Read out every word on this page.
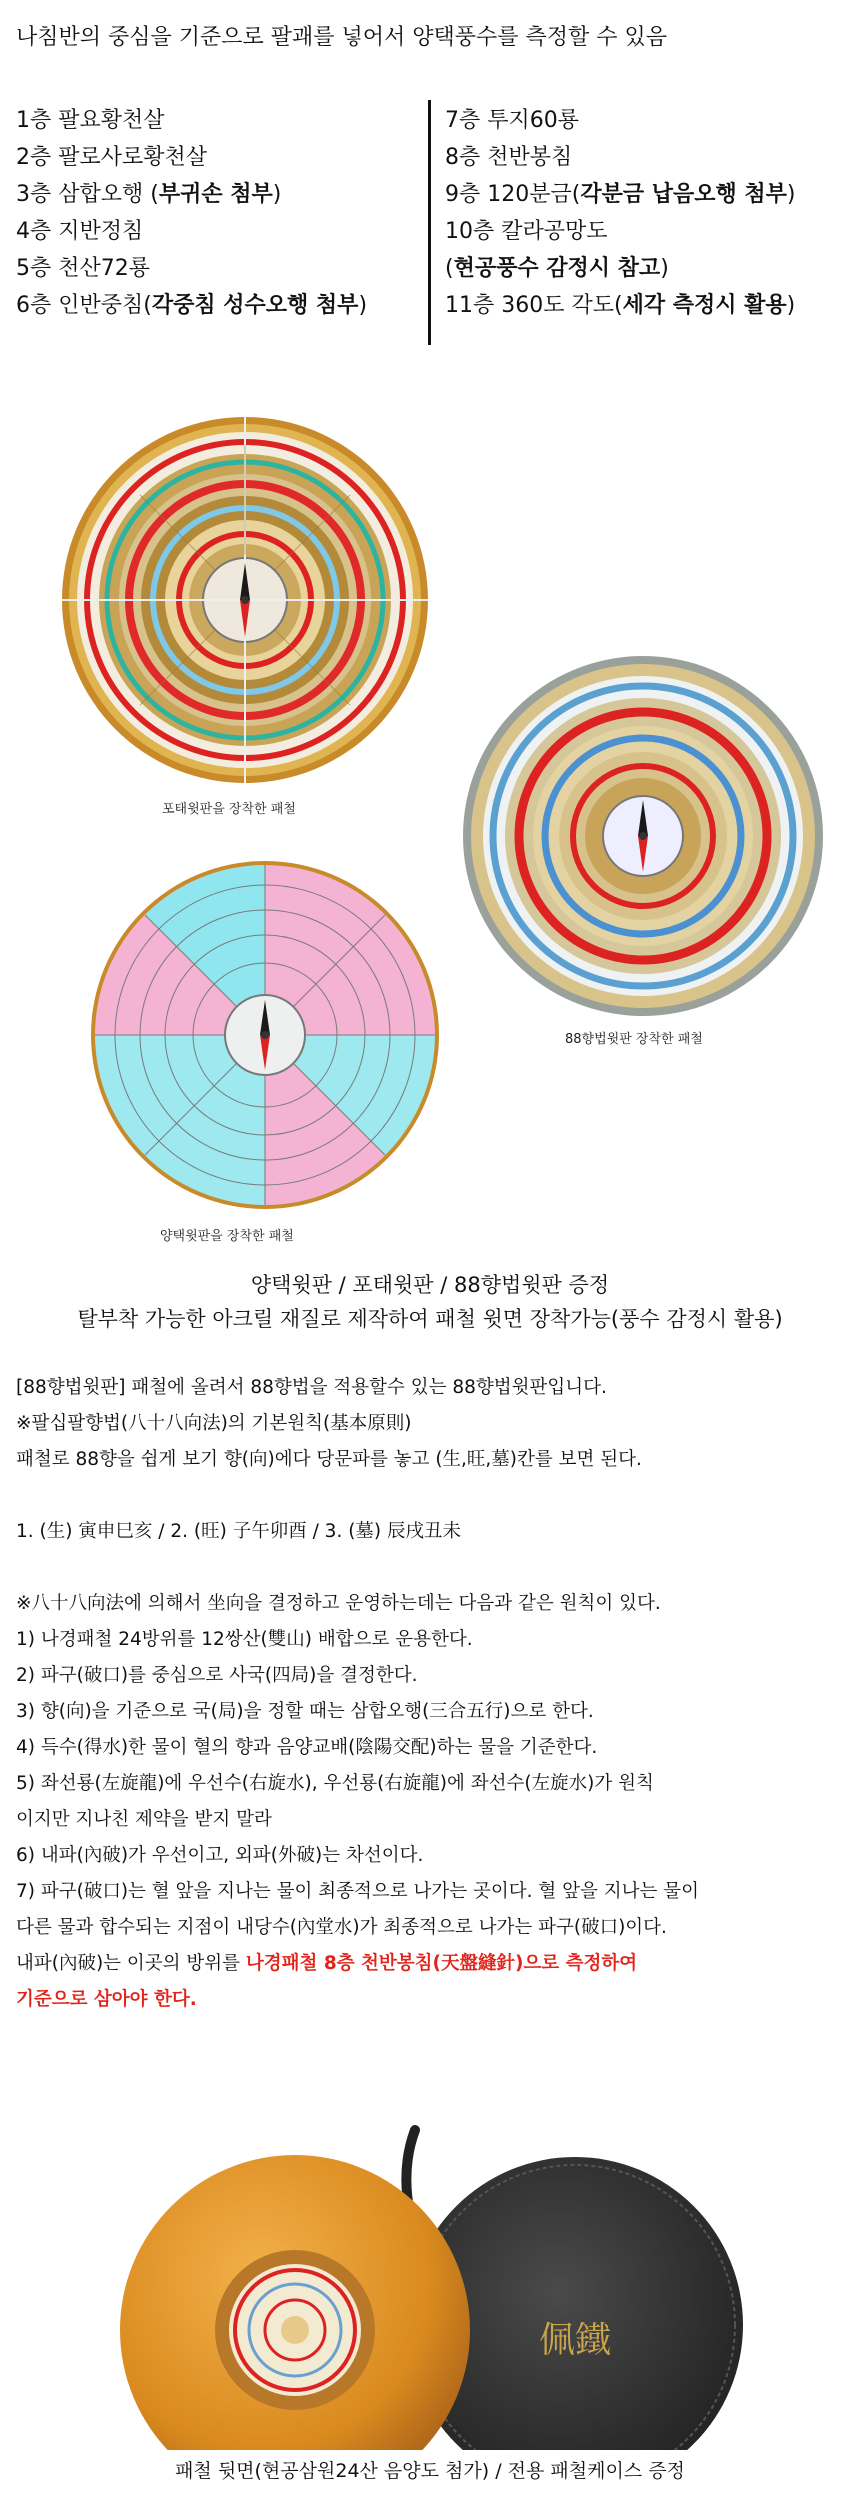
나침반의 중심을 기준으로 팔괘를 넣어서 양택풍수를 측정할 수 있음
1층 팔요황천살
2층 팔로사로황천살
3층 삼합오행 (부귀손 첨부)
4층 지반정침
5층 천산72룡
6층 인반중침(각중침 성수오행 첨부)
7층 투지60룡
8층 천반봉침
9층 120분금(각분금 납음오행 첨부)
10층 칼라공망도
(현공풍수 감정시 참고)
11층 360도 각도(세각 측정시 활용)
포태윗판을 장착한 패철
88향법윗판 장착한 패철
양택윗판을 장착한 패철
양택윗판 / 포태윗판 / 88향법윗판 증정
탈부착 가능한 아크릴 재질로 제작하여 패철 윗면 장착가능(풍수 감정시 활용)
[88향법윗판] 패철에 올려서 88향법을 적용할수 있는 88향법윗판입니다.
※팔십팔향법(八十八向法)의 기본원칙(基本原則)
패철로 88향을 쉽게 보기 향(向)에다 당문파를 놓고 (生,旺,墓)칸를 보면 된다.

1. (生) 寅申巳亥 / 2. (旺) 子午卯酉 / 3. (墓) 辰戌丑未

※八十八向法에 의해서 坐向을 결정하고 운영하는데는 다음과 같은 원칙이 있다.
1) 나경패철 24방위를 12쌍산(雙山) 배합으로 운용한다.
2) 파구(破口)를 중심으로 사국(四局)을 결정한다.
3) 향(向)을 기준으로 국(局)을 정할 때는 삼합오행(三合五行)으로 한다.
4) 득수(得水)한 물이 혈의 향과 음양교배(陰陽交配)하는 물을 기준한다.
5) 좌선룡(左旋龍)에 우선수(右旋水), 우선룡(右旋龍)에 좌선수(左旋水)가 원칙
이지만 지나친 제약을 받지 말라
6) 내파(內破)가 우선이고, 외파(外破)는 차선이다.
7) 파구(破口)는 혈 앞을 지나는 물이 최종적으로 나가는 곳이다. 혈 앞을 지나는 물이
다른 물과 합수되는 지점이 내당수(內堂水)가 최종적으로 나가는 파구(破口)이다.
내파(內破)는 이곳의 방위를 나경패철 8층 천반봉침(天盤縫針)으로 측정하여
기준으로 삼아야 한다.
佩鐵
패철 뒷면(현공삼원24산 음양도 첨가) / 전용 패철케이스 증정
